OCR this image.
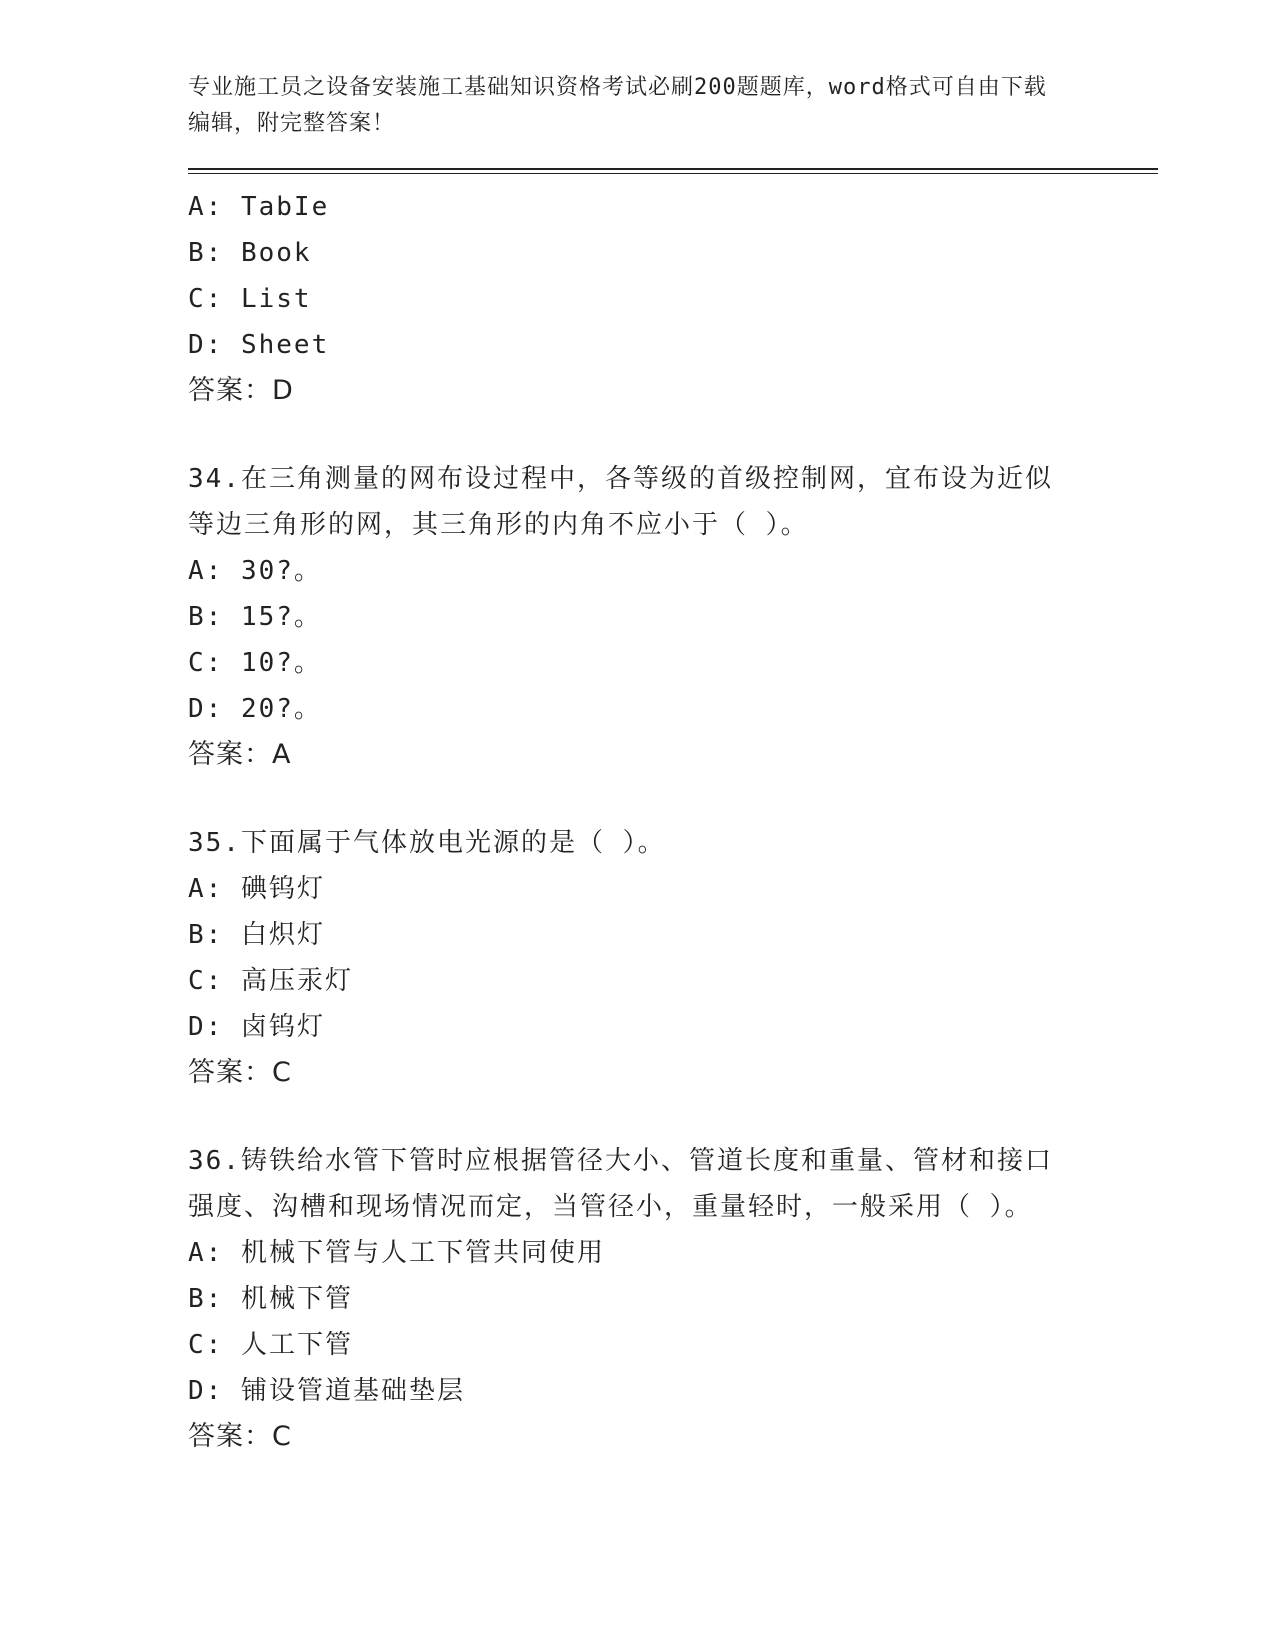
专业施工员之设备安装施工基础知识资格考试必刷200题题库，word格式可自由下载编辑，附完整答案！

A: TabIe

B: Book

C: List

D: Sheet

答案：D

34.在三角测量的网布设过程中，各等级的首级控制网，宜布设为近似等边三角形的网，其三角形的内角不应小于（ ）。

A: 30?。

B: 15?。

C: 10?。

D: 20?。

答案：A

35.下面属于气体放电光源的是（ ）。

A: 碘钨灯

B: 白炽灯

C: 高压汞灯

D: 卤钨灯

答案：C

36.铸铁给水管下管时应根据管径大小、管道长度和重量、管材和接口强度、沟槽和现场情况而定，当管径小，重量轻时，一般采用（ ）。

A: 机械下管与人工下管共同使用

B: 机械下管

C: 人工下管

D: 铺设管道基础垫层

答案：C
